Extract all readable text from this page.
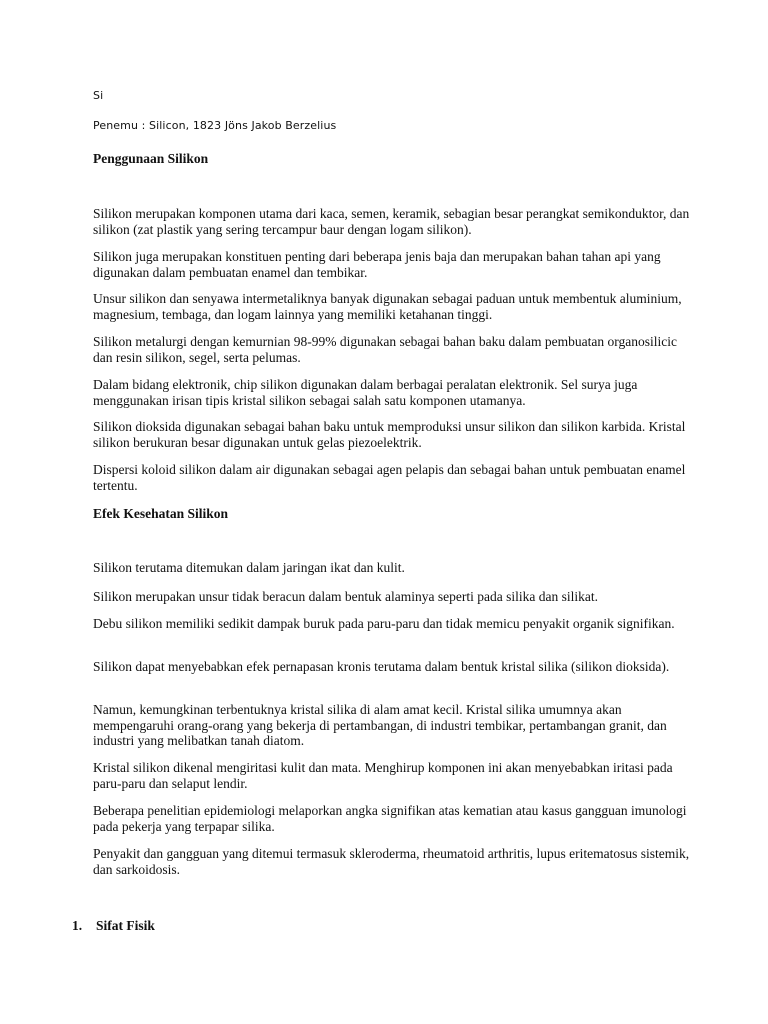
Si
Penemu : Silicon, 1823 Jöns Jakob Berzelius
Penggunaan Silikon

Silikon merupakan komponen utama dari kaca, semen, keramik, sebagian besar perangkat semikonduktor, dan silikon (zat plastik yang sering tercampur baur dengan logam silikon).

Silikon juga merupakan konstituen penting dari beberapa jenis baja dan merupakan bahan tahan api yang digunakan dalam pembuatan enamel dan tembikar.

Unsur silikon dan senyawa intermetaliknya banyak digunakan sebagai paduan untuk membentuk aluminium, magnesium, tembaga, dan logam lainnya yang memiliki ketahanan tinggi.

Silikon metalurgi dengan kemurnian 98-99% digunakan sebagai bahan baku dalam pembuatan organosilicic dan resin silikon, segel, serta pelumas.

Dalam bidang elektronik, chip silikon digunakan dalam berbagai peralatan elektronik. Sel surya juga menggunakan irisan tipis kristal silikon sebagai salah satu komponen utamanya.

Silikon dioksida digunakan sebagai bahan baku untuk memproduksi unsur silikon dan silikon karbida. Kristal silikon berukuran besar digunakan untuk gelas piezoelektrik.

Dispersi koloid silikon dalam air digunakan sebagai agen pelapis dan sebagai bahan untuk pembuatan enamel tertentu.

Efek Kesehatan Silikon

Silikon terutama ditemukan dalam jaringan ikat dan kulit.

Silikon merupakan unsur tidak beracun dalam bentuk alaminya seperti pada silika dan silikat.

Debu silikon memiliki sedikit dampak buruk pada paru-paru dan tidak memicu penyakit organik signifikan.

Silikon dapat menyebabkan efek pernapasan kronis terutama dalam bentuk kristal silika (silikon dioksida).

Namun, kemungkinan terbentuknya kristal silika di alam amat kecil. Kristal silika umumnya akan mempengaruhi orang-orang yang bekerja di pertambangan, di industri tembikar, pertambangan granit, dan industri yang melibatkan tanah diatom.

Kristal silikon dikenal mengiritasi kulit dan mata. Menghirup komponen ini akan menyebabkan iritasi pada paru-paru dan selaput lendir.

Beberapa penelitian epidemiologi melaporkan angka signifikan atas kematian atau kasus gangguan imunologi pada pekerja yang terpapar silika.

Penyakit dan gangguan yang ditemui termasuk skleroderma, rheumatoid arthritis, lupus eritematosus sistemik, dan sarkoidosis.

1. Sifat Fisik
